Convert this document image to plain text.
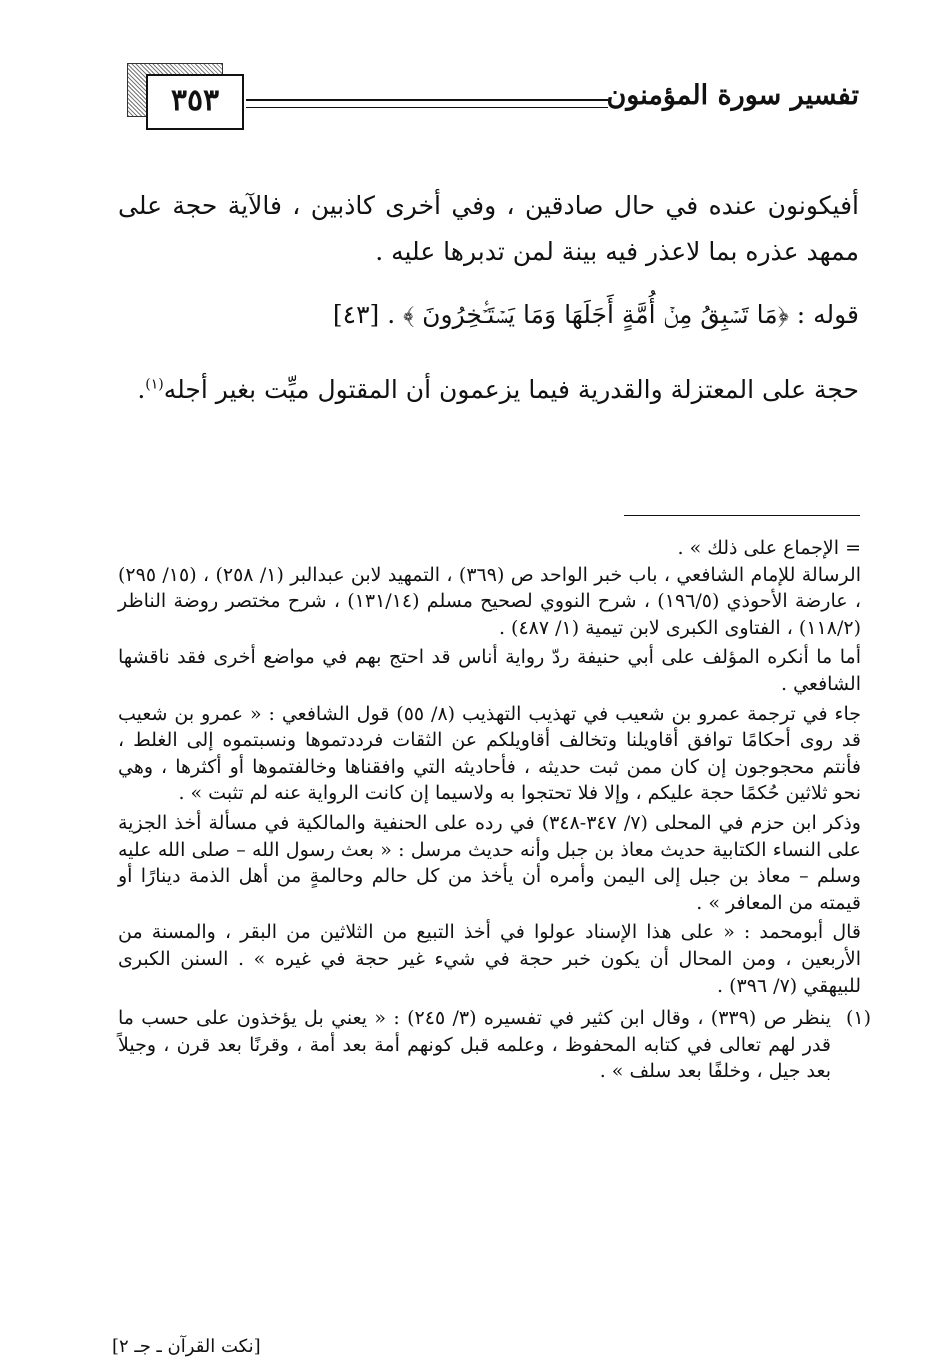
تفسير سورة المؤمنون
٣٥٣
أفيكونون عنده في حال صادقين ، وفي أخرى كاذبين ، فالآية حجة على ممهد عذره بما لاعذر فيه بينة لمن تدبرها عليه .
قوله : ﴿مَا تَسۡبِقُ مِنۡ أُمَّةٍ أَجَلَهَا وَمَا يَسۡتَـٔۡخِرُونَ ﴾ . [٤٣]
حجة على المعتزلة والقدرية فيما يزعمون أن المقتول ميِّت بغير أجله$^{(١)}$.
= الإجماع على ذلك » .
الرسالة للإمام الشافعي ، باب خبر الواحد ص (٣٦٩) ، التمهيد لابن عبدالبر (١/ ٢٥٨) ، (١٥/ ٢٩٥) ، عارضة الأحوذي (١٩٦/٥) ، شرح النووي لصحيح مسلم (١٣١/١٤) ، شرح مختصر روضة الناظر (١١٨/٢) ، الفتاوى الكبرى لابن تيمية (١/ ٤٨٧) .
أما ما أنكره المؤلف على أبي حنيفة ردّ رواية أناس قد احتج بهم في مواضع أخرى فقد ناقشها الشافعي .
جاء في ترجمة عمرو بن شعيب في تهذيب التهذيب (٨/ ٥٥) قول الشافعي : « عمرو بن شعيب قد روى أحكامًا توافق أقاويلنا وتخالف أقاويلكم عن الثقات فرددتموها ونسبتموه إلى الغلط ، فأنتم محجوجون إن كان ممن ثبت حديثه ، فأحاديثه التي وافقناها وخالفتموها أو أكثرها ، وهي نحو ثلاثين حُكمًا حجة عليكم ، وإلا فلا تحتجوا به ولاسيما إن كانت الرواية عنه لم تثبت » .
وذكر ابن حزم في المحلى (٧/ ٣٤٧-٣٤٨) في رده على الحنفية والمالكية في مسألة أخذ الجزية على النساء الكتابية حديث معاذ بن جبل وأنه حديث مرسل : « بعث رسول الله – صلى الله عليه وسلم – معاذ بن جبل إلى اليمن وأمره أن يأخذ من كل حالم وحالمةٍ من أهل الذمة دينارًا أو قيمته من المعافر » .
قال أبومحمد : « على هذا الإسناد عولوا في أخذ التبيع من الثلاثين من البقر ، والمسنة من الأربعين ، ومن المحال أن يكون خبر حجة في شيء غير حجة في غيره » . السنن الكبرى للبيهقي (٧/ ٣٩٦) .
(١)
ينظر ص (٣٣٩) ، وقال ابن كثير في تفسيره (٣/ ٢٤٥) : « يعني بل يؤخذون على حسب ما قدر لهم تعالى في كتابه المحفوظ ، وعلمه قبل كونهم أمة بعد أمة ، وقرنًا بعد قرن ، وجيلاً بعد جيل ، وخلفًا بعد سلف » .
[نكت القرآن ـ جـ ٢]
